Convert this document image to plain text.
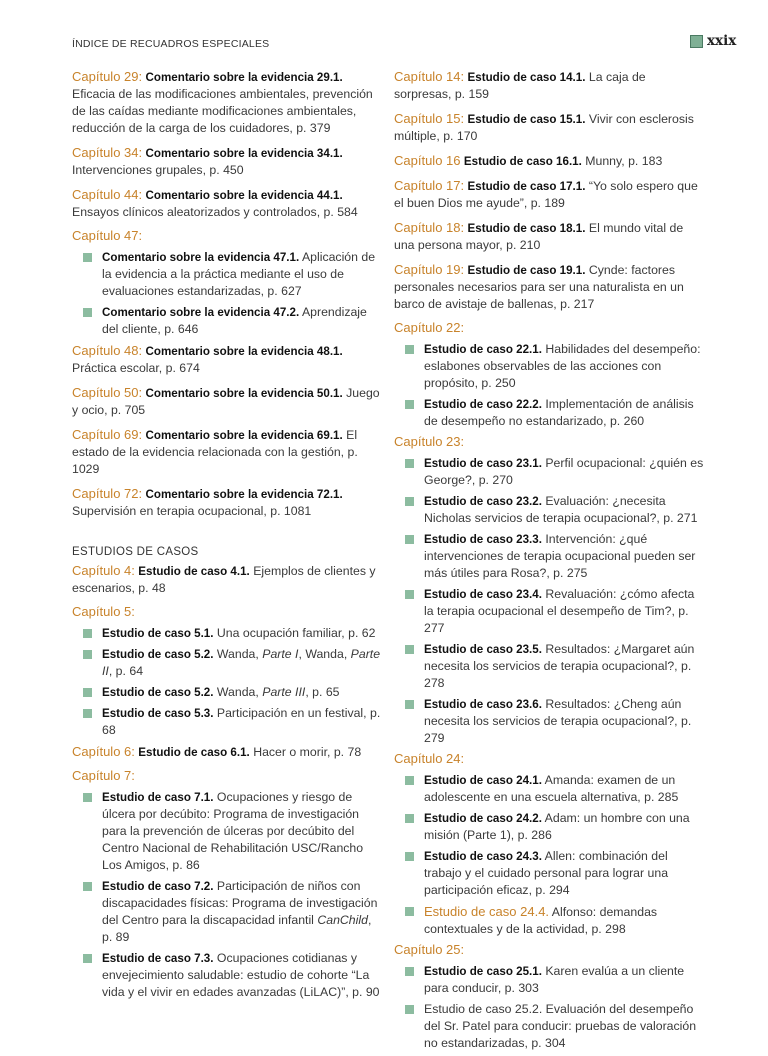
ÍNDICE DE RECUADROS ESPECIALES	xxix
Capítulo 29: Comentario sobre la evidencia 29.1. Eficacia de las modificaciones ambientales, prevención de las caídas mediante modificaciones ambientales, reducción de la carga de los cuidadores, p. 379
Capítulo 34: Comentario sobre la evidencia 34.1. Intervenciones grupales, p. 450
Capítulo 44: Comentario sobre la evidencia 44.1. Ensayos clínicos aleatorizados y controlados, p. 584
Capítulo 47:
Comentario sobre la evidencia 47.1. Aplicación de la evidencia a la práctica mediante el uso de evaluaciones estandarizadas, p. 627
Comentario sobre la evidencia 47.2. Aprendizaje del cliente, p. 646
Capítulo 48: Comentario sobre la evidencia 48.1. Práctica escolar, p. 674
Capítulo 50: Comentario sobre la evidencia 50.1. Juego y ocio, p. 705
Capítulo 69: Comentario sobre la evidencia 69.1. El estado de la evidencia relacionada con la gestión, p. 1029
Capítulo 72: Comentario sobre la evidencia 72.1. Supervisión en terapia ocupacional, p. 1081
ESTUDIOS DE CASOS
Capítulo 4: Estudio de caso 4.1. Ejemplos de clientes y escenarios, p. 48
Capítulo 5:
Estudio de caso 5.1. Una ocupación familiar, p. 62
Estudio de caso 5.2. Wanda, Parte I, Wanda, Parte II, p. 64
Estudio de caso 5.2. Wanda, Parte III, p. 65
Estudio de caso 5.3. Participación en un festival, p. 68
Capítulo 6: Estudio de caso 6.1. Hacer o morir, p. 78
Capítulo 7:
Estudio de caso 7.1. Ocupaciones y riesgo de úlcera por decúbito: Programa de investigación para la prevención de úlceras por decúbito del Centro Nacional de Rehabilitación USC/Rancho Los Amigos, p. 86
Estudio de caso 7.2. Participación de niños con discapacidades físicas: Programa de investigación del Centro para la discapacidad infantil CanChild, p. 89
Estudio de caso 7.3. Ocupaciones cotidianas y envejecimiento saludable: estudio de cohorte “La vida y el vivir en edades avanzadas (LiLAC)”, p. 90
Capítulo 14: Estudio de caso 14.1. La caja de sorpresas, p. 159
Capítulo 15: Estudio de caso 15.1. Vivir con esclerosis múltiple, p. 170
Capítulo 16 Estudio de caso 16.1. Munny, p. 183
Capítulo 17: Estudio de caso 17.1. “Yo solo espero que el buen Dios me ayude”, p. 189
Capítulo 18: Estudio de caso 18.1. El mundo vital de una persona mayor, p. 210
Capítulo 19: Estudio de caso 19.1. Cynde: factores personales necesarios para ser una naturalista en un barco de avistaje de ballenas, p. 217
Capítulo 22:
Estudio de caso 22.1. Habilidades del desempeño: eslabones observables de las acciones con propósito, p. 250
Estudio de caso 22.2. Implementación de análisis de desempeño no estandarizado, p. 260
Capítulo 23:
Estudio de caso 23.1. Perfil ocupacional: ¿quién es George?, p. 270
Estudio de caso 23.2. Evaluación: ¿necesita Nicholas servicios de terapia ocupacional?, p. 271
Estudio de caso 23.3. Intervención: ¿qué intervenciones de terapia ocupacional pueden ser más útiles para Rosa?, p. 275
Estudio de caso 23.4. Revaluación: ¿cómo afecta la terapia ocupacional el desempeño de Tim?, p. 277
Estudio de caso 23.5. Resultados: ¿Margaret aún necesita los servicios de terapia ocupacional?, p. 278
Estudio de caso 23.6. Resultados: ¿Cheng aún necesita los servicios de terapia ocupacional?, p. 279
Capítulo 24:
Estudio de caso 24.1. Amanda: examen de un adolescente en una escuela alternativa, p. 285
Estudio de caso 24.2. Adam: un hombre con una misión (Parte 1), p. 286
Estudio de caso 24.3. Allen: combinación del trabajo y el cuidado personal para lograr una participación eficaz, p. 294
Estudio de caso 24.4. Alfonso: demandas contextuales y de la actividad, p. 298
Capítulo 25:
Estudio de caso 25.1. Karen evalúa a un cliente para conducir, p. 303
Estudio de caso 25.2. Evaluación del desempeño del Sr. Patel para conducir: pruebas de valoración no estandarizadas, p. 304
